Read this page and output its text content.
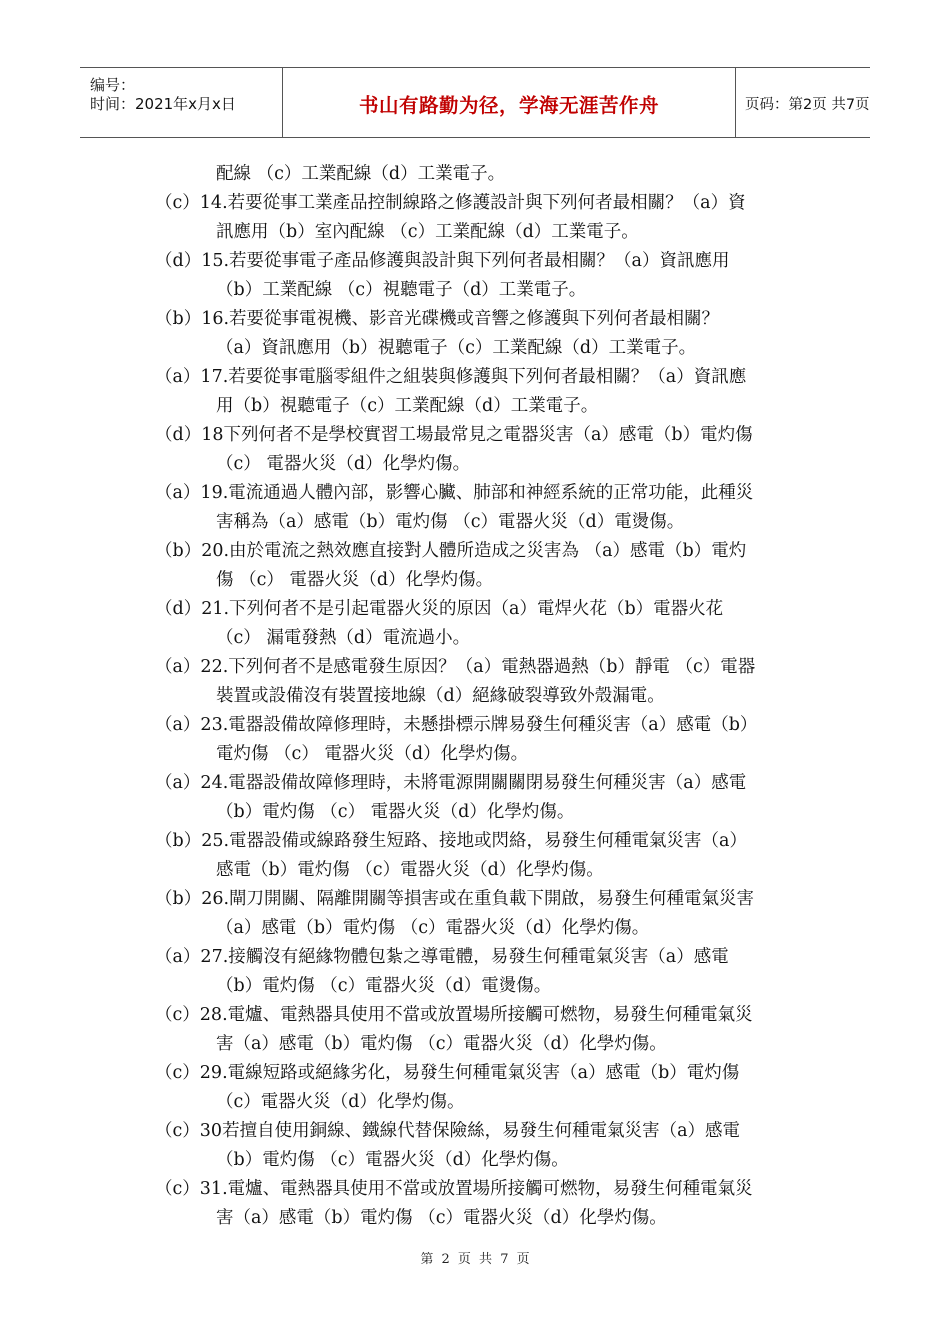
编号：
时间：2021年x月x日	书山有路勤为径，学海无涯苦作舟	页码：第2页 共7页
配線 （c）工業配線（d）工業電子。
（c）14.若要從事工業產品控制線路之修護設計與下列何者最相關？（a）資
訊應用（b）室內配線 （c）工業配線（d）工業電子。
（d）15.若要從事電子產品修護與設計與下列何者最相關？（a）資訊應用
（b）工業配線 （c）視聽電子（d）工業電子。
（b）16.若要從事電視機、影音光碟機或音響之修護與下列何者最相關？
（a）資訊應用（b）視聽電子（c）工業配線（d）工業電子。
（a）17.若要從事電腦零組件之組裝與修護與下列何者最相關？（a）資訊應
用（b）視聽電子（c）工業配線（d）工業電子。
（d）18下列何者不是學校實習工場最常見之電器災害（a）感電（b）電灼傷
（c） 電器火災（d）化學灼傷。
（a）19.電流通過人體內部，影響心臟、肺部和神經系統的正常功能，此種災
害稱為（a）感電（b）電灼傷 （c）電器火災（d）電燙傷。
（b）20.由於電流之熱效應直接對人體所造成之災害為 （a）感電（b）電灼
傷 （c） 電器火災（d）化學灼傷。
（d）21.下列何者不是引起電器火災的原因（a）電焊火花（b）電器火花
（c） 漏電發熱（d）電流過小。
（a）22.下列何者不是感電發生原因？（a）電熱器過熱（b）靜電 （c）電器
裝置或設備沒有裝置接地線（d）絕緣破裂導致外殼漏電。
（a）23.電器設備故障修理時，未懸掛標示牌易發生何種災害（a）感電（b）
電灼傷 （c） 電器火災（d）化學灼傷。
（a）24.電器設備故障修理時，未將電源開關關閉易發生何種災害（a）感電
（b）電灼傷 （c） 電器火災（d）化學灼傷。
（b）25.電器設備或線路發生短路、接地或閃絡，易發生何種電氣災害（a）
感電（b）電灼傷 （c）電器火災（d）化學灼傷。
（b）26.閘刀開關、隔離開關等損害或在重負載下開啟，易發生何種電氣災害
（a）感電（b）電灼傷 （c）電器火災（d）化學灼傷。
（a）27.接觸沒有絕緣物體包紮之導電體，易發生何種電氣災害（a）感電
（b）電灼傷 （c）電器火災（d）電燙傷。
（c）28.電爐、電熱器具使用不當或放置場所接觸可燃物，易發生何種電氣災
害（a）感電（b）電灼傷 （c）電器火災（d）化學灼傷。
（c）29.電線短路或絕緣劣化，易發生何種電氣災害（a）感電（b）電灼傷
（c）電器火災（d）化學灼傷。
（c）30若擅自使用銅線、鐵線代替保險絲，易發生何種電氣災害（a）感電
（b）電灼傷 （c）電器火災（d）化學灼傷。
（c）31.電爐、電熱器具使用不當或放置場所接觸可燃物，易發生何種電氣災
害（a）感電（b）電灼傷 （c）電器火災（d）化學灼傷。
第 2 页 共 7 页
